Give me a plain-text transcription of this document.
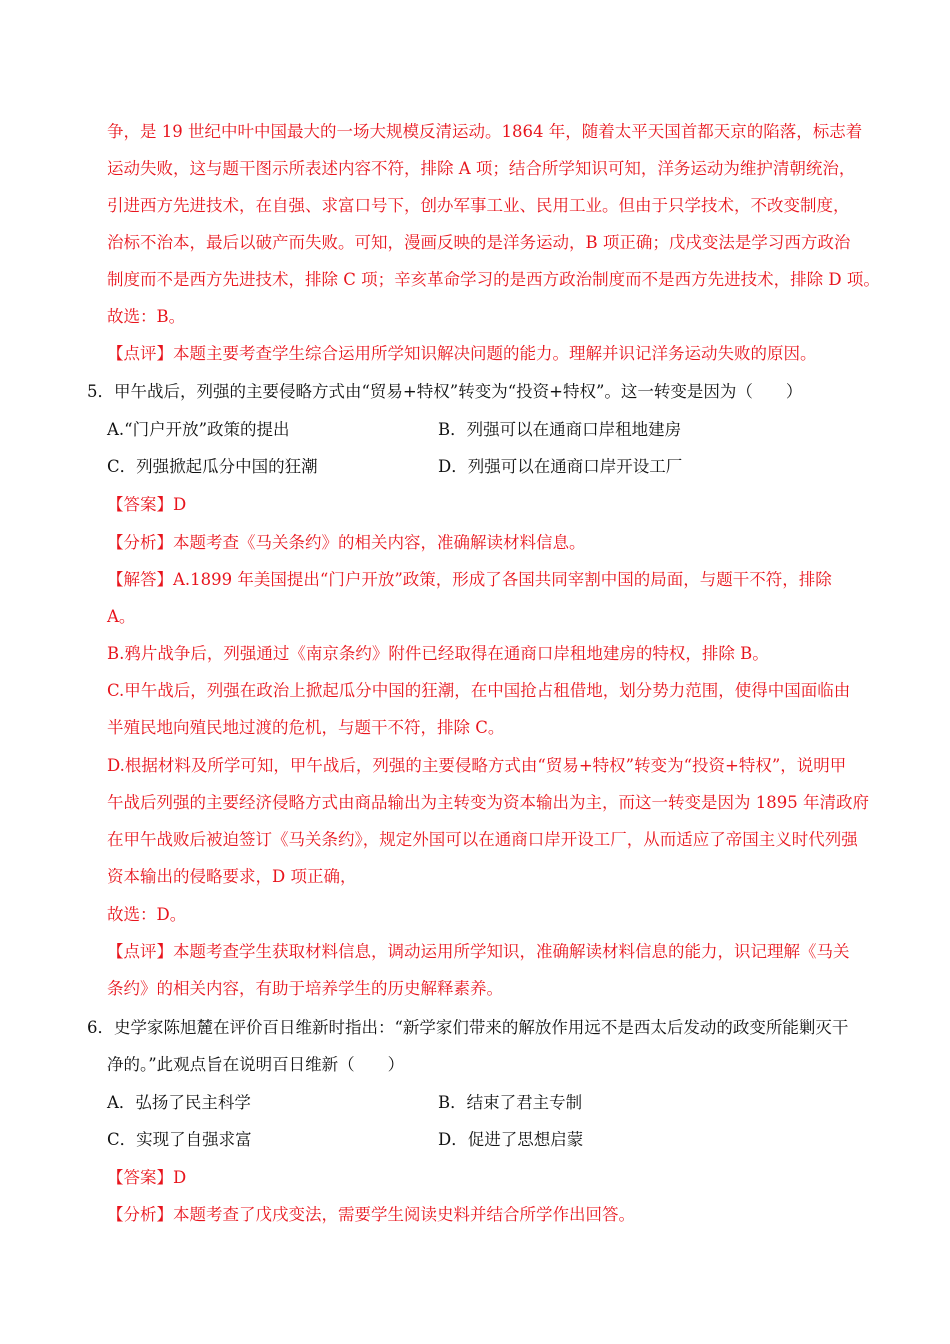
争，是 19 世纪中叶中国最大的一场大规模反清运动。1864 年，随着太平天国首都天京的陷落，标志着
运动失败，这与题干图示所表述内容不符，排除 A 项；结合所学知识可知，洋务运动为维护清朝统治，
引进西方先进技术，在自强、求富口号下，创办军事工业、民用工业。但由于只学技术，不改变制度，
治标不治本，最后以破产而失败。可知，漫画反映的是洋务运动，B 项正确；戊戌变法是学习西方政治
制度而不是西方先进技术，排除 C 项；辛亥革命学习的是西方政治制度而不是西方先进技术，排除 D 项。
故选：B。
【点评】本题主要考查学生综合运用所学知识解决问题的能力。理解并识记洋务运动失败的原因。
5．甲午战后，列强的主要侵略方式由“贸易+特权”转变为“投资+特权”。这一转变是因为（　　）
A.“门户开放”政策的提出	B．列强可以在通商口岸租地建房
C．列强掀起瓜分中国的狂潮	D．列强可以在通商口岸开设工厂
【答案】D
【分析】本题考查《马关条约》的相关内容，准确解读材料信息。
【解答】A.1899 年美国提出“门户开放”政策，形成了各国共同宰割中国的局面，与题干不符，排除
A。
B.鸦片战争后，列强通过《南京条约》附件已经取得在通商口岸租地建房的特权，排除 B。
C.甲午战后，列强在政治上掀起瓜分中国的狂潮，在中国抢占租借地，划分势力范围，使得中国面临由
半殖民地向殖民地过渡的危机，与题干不符，排除 C。
D.根据材料及所学可知，甲午战后，列强的主要侵略方式由“贸易+特权”转变为“投资+特权”，说明甲
午战后列强的主要经济侵略方式由商品输出为主转变为资本输出为主，而这一转变是因为 1895 年清政府
在甲午战败后被迫签订《马关条约》，规定外国可以在通商口岸开设工厂，从而适应了帝国主义时代列强
资本输出的侵略要求，D 项正确，
故选：D。
【点评】本题考查学生获取材料信息，调动运用所学知识，准确解读材料信息的能力，识记理解《马关
条约》的相关内容，有助于培养学生的历史解释素养。
6．史学家陈旭麓在评价百日维新时指出：“新学家们带来的解放作用远不是西太后发动的政变所能剿灭干
净的。”此观点旨在说明百日维新（　　）
A．弘扬了民主科学	B．结束了君主专制
C．实现了自强求富	D．促进了思想启蒙
【答案】D
【分析】本题考查了戊戌变法，需要学生阅读史料并结合所学作出回答。
